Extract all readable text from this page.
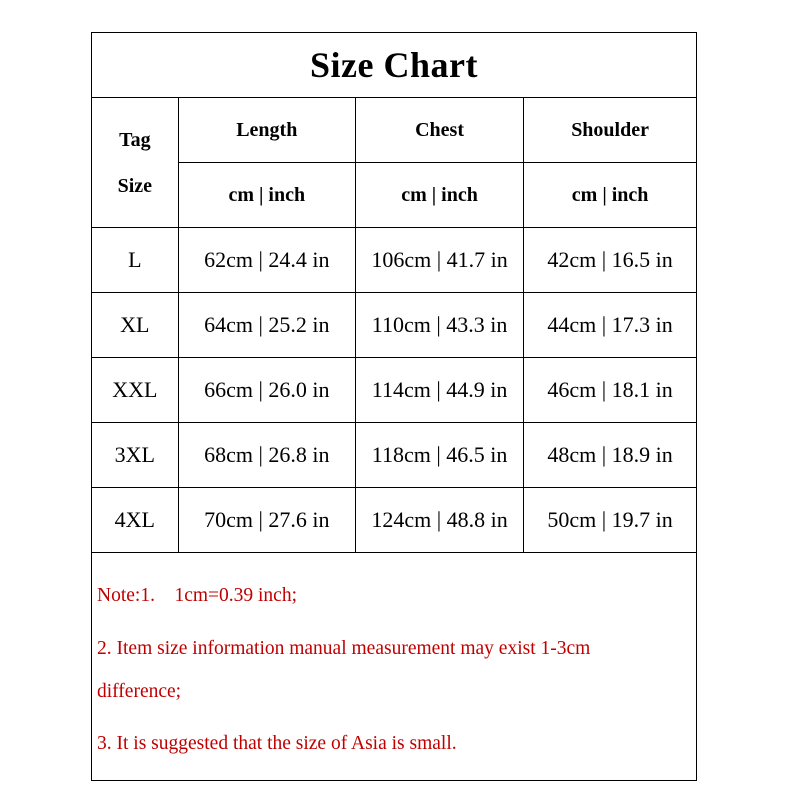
Size Chart
Tag
Size	Length	Chest	Shoulder
	cm | inch	cm | inch	cm | inch
L	62cm | 24.4 in	106cm | 41.7 in	42cm | 16.5 in
XL	64cm | 25.2 in	110cm | 43.3 in	44cm | 17.3 in
XXL	66cm | 26.0 in	114cm | 44.9 in	46cm | 18.1 in
3XL	68cm | 26.8 in	118cm | 46.5 in	48cm | 18.9 in
4XL	70cm | 27.6 in	124cm | 48.8 in	50cm | 19.7 in
Note:1.    1cm=0.39 inch;
2. Item size information manual measurement may exist 1-3cm
difference;
3. It is suggested that the size of Asia is small.
